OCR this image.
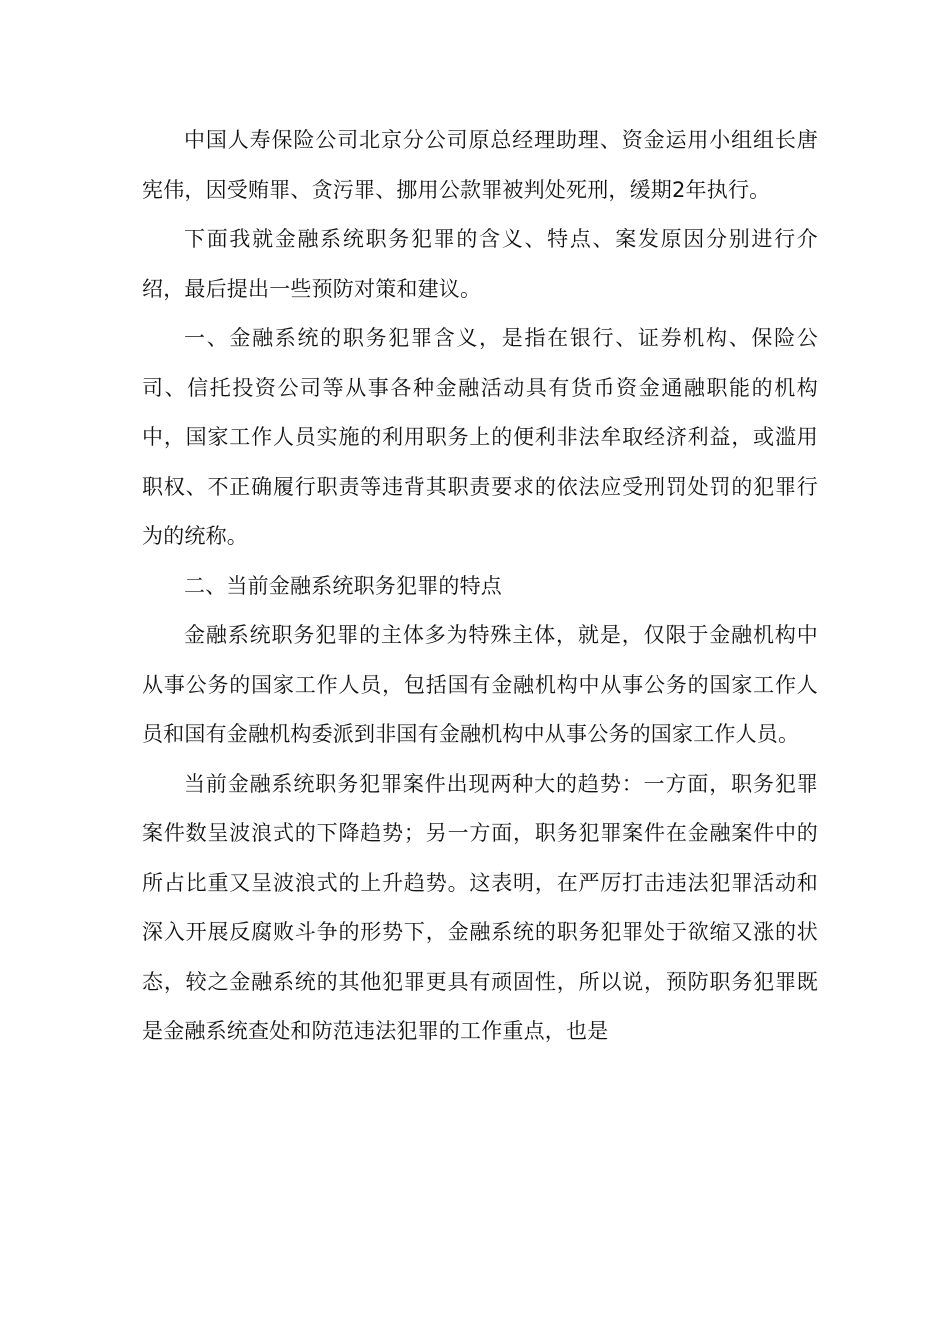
中国人寿保险公司北京分公司原总经理助理、资金运用小组组长唐宪伟，因受贿罪、贪污罪、挪用公款罪被判处死刑，缓期2年执行。

下面我就金融系统职务犯罪的含义、特点、案发原因分别进行介绍，最后提出一些预防对策和建议。

一、金融系统的职务犯罪含义，是指在银行、证券机构、保险公司、信托投资公司等从事各种金融活动具有货币资金通融职能的机构中，国家工作人员实施的利用职务上的便利非法牟取经济利益，或滥用职权、不正确履行职责等违背其职责要求的依法应受刑罚处罚的犯罪行为的统称。

二、当前金融系统职务犯罪的特点

金融系统职务犯罪的主体多为特殊主体，就是，仅限于金融机构中从事公务的国家工作人员，包括国有金融机构中从事公务的国家工作人员和国有金融机构委派到非国有金融机构中从事公务的国家工作人员。

当前金融系统职务犯罪案件出现两种大的趋势：一方面，职务犯罪案件数呈波浪式的下降趋势；另一方面，职务犯罪案件在金融案件中的所占比重又呈波浪式的上升趋势。这表明，在严厉打击违法犯罪活动和深入开展反腐败斗争的形势下，金融系统的职务犯罪处于欲缩又涨的状态，较之金融系统的其他犯罪更具有顽固性，所以说，预防职务犯罪既是金融系统查处和防范违法犯罪的工作重点，也是
